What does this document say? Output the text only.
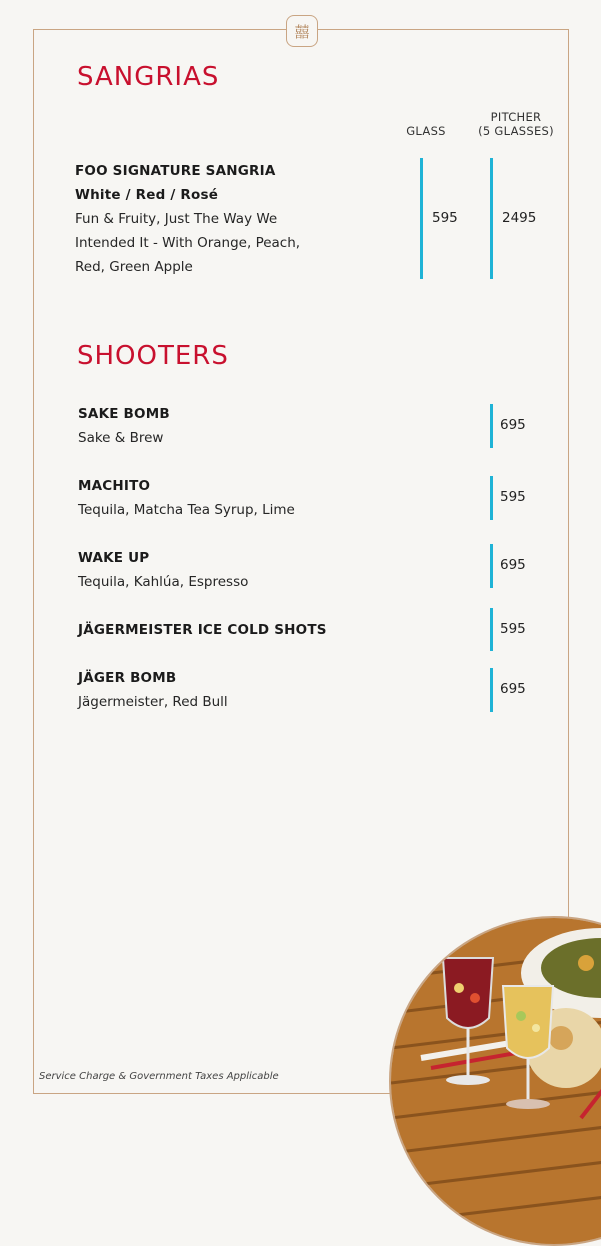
囍
SANGRIAS
GLASS
PITCHER
(5 GLASSES)
FOO SIGNATURE SANGRIA
White / Red / Rosé
Fun & Fruity, Just The Way We
Intended It - With Orange, Peach,
Red, Green Apple
595	2495
SHOOTERS
SAKE BOMB
Sake & Brew
695
MACHITO
Tequila, Matcha Tea Syrup, Lime
595
WAKE UP
Tequila, Kahlúa, Espresso
695
JÄGERMEISTER ICE COLD SHOTS	595
JÄGER BOMB
Jägermeister, Red Bull
695
Service Charge & Government Taxes Applicable
